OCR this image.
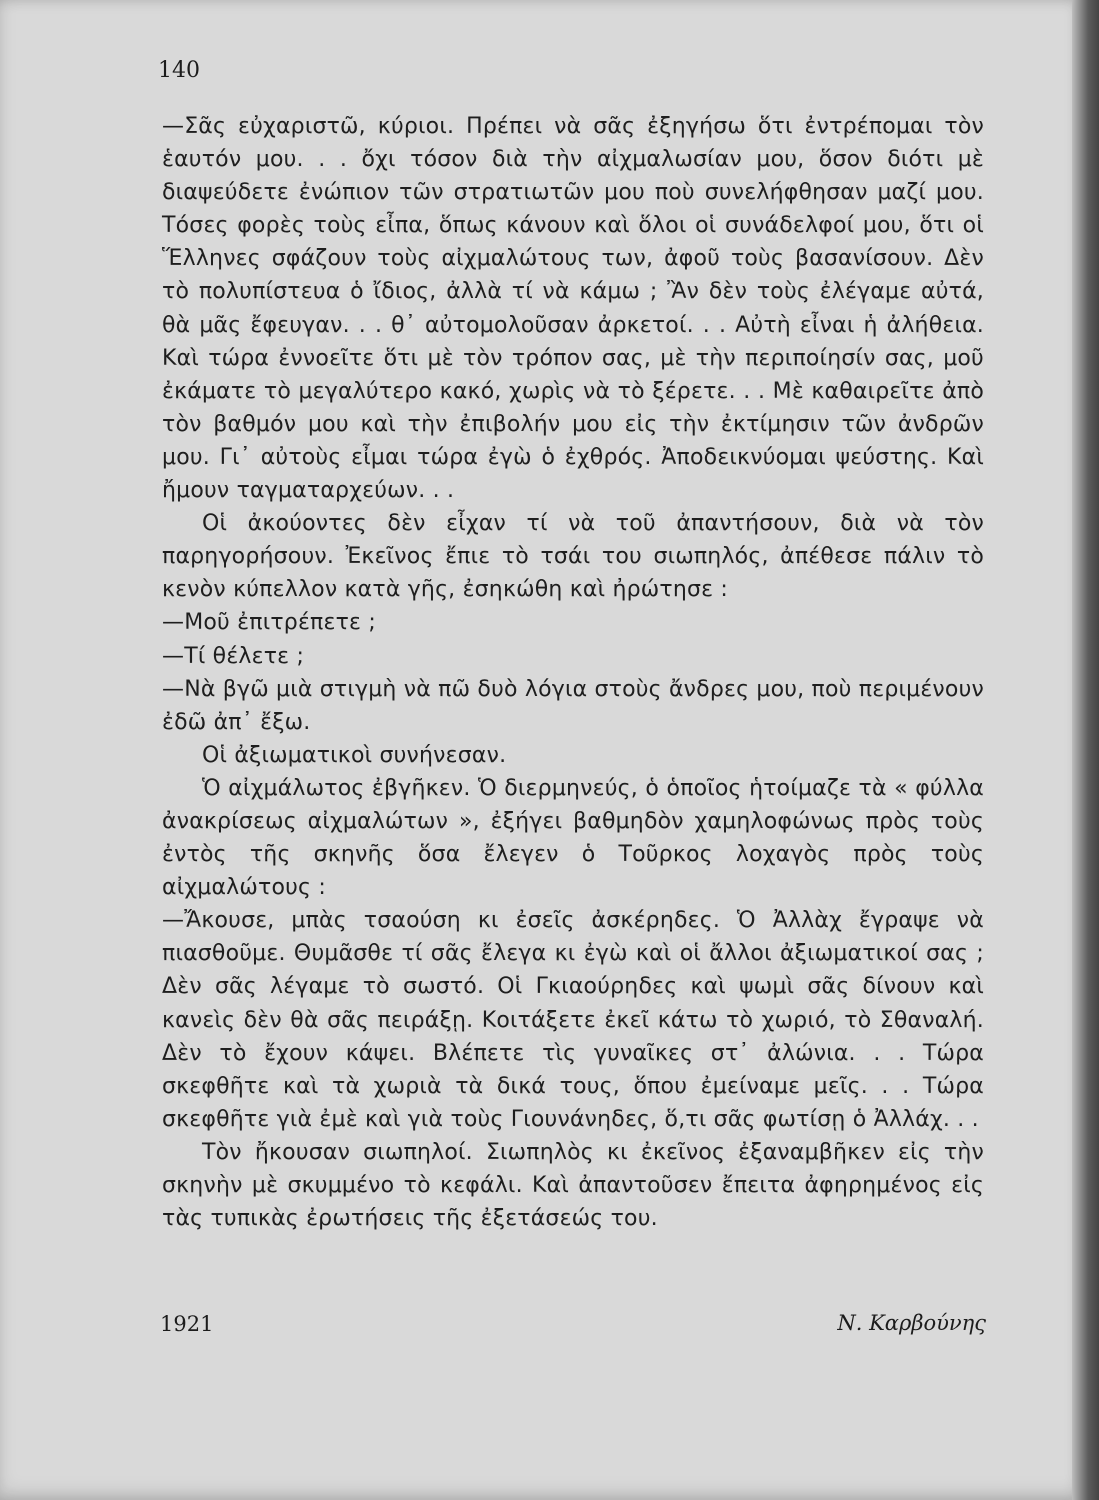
140

—Σᾶς εὐχαριστῶ, κύριοι. Πρέπει νὰ σᾶς ἐξηγήσω ὅτι ἐντρέπομαι τὸν ἑαυτόν μου. . . ὄχι τόσον διὰ τὴν αἰχμαλωσίαν μου, ὅσον διότι μὲ διαψεύδετε ἐνώπιον τῶν στρατιωτῶν μου ποὺ συνελήφθησαν μαζί μου. Τόσες φορὲς τοὺς εἶπα, ὅπως κάνουν καὶ ὅλοι οἱ συνάδελφοί μου, ὅτι οἱ Ἕλληνες σφάζουν τοὺς αἰχμαλώτους των, ἀφοῦ τοὺς βασανίσουν. Δὲν τὸ πολυπίστευα ὁ ἴδιος, ἀλλὰ τί νὰ κάμω ; Ἂν δὲν τοὺς ἐλέγαμε αὐτά, θὰ μᾶς ἔφευγαν. . . θ᾽ αὐτομολοῦσαν ἀρκετοί. . . Αὐτὴ εἶναι ἡ ἀλήθεια. Καὶ τώρα ἐννοεῖτε ὅτι μὲ τὸν τρόπον σας, μὲ τὴν περιποίησίν σας, μοῦ ἐκάματε τὸ μεγαλύτερο κακό, χωρὶς νὰ τὸ ξέρετε. . . Μὲ καθαιρεῖτε ἀπὸ τὸν βαθμόν μου καὶ τὴν ἐπιβολήν μου εἰς τὴν ἐκτίμησιν τῶν ἀνδρῶν μου. Γι᾽ αὐτοὺς εἶμαι τώρα ἐγὼ ὁ ἐχθρός. Ἀποδεικνύομαι ψεύστης. Καὶ ἤμουν ταγματαρχεύων. . .

Οἱ ἀκούοντες δὲν εἶχαν τί νὰ τοῦ ἀπαντήσουν, διὰ νὰ τὸν παρηγορήσουν. Ἐκεῖνος ἔπιε τὸ τσάι του σιωπηλός, ἀπέθεσε πάλιν τὸ κενὸν κύπελλον κατὰ γῆς, ἐσηκώθη καὶ ἠρώτησε :

—Μοῦ ἐπιτρέπετε ;

—Τί θέλετε ;

—Νὰ βγῶ μιὰ στιγμὴ νὰ πῶ δυὸ λόγια στοὺς ἄνδρες μου, ποὺ περιμένουν ἐδῶ ἀπ᾽ ἔξω.

Οἱ ἀξιωματικοὶ συνήνεσαν.

Ὁ αἰχμάλωτος ἐβγῆκεν. Ὁ διερμηνεύς, ὁ ὁποῖος ἡτοίμαζε τὰ « φύλλα ἀνακρίσεως αἰχμαλώτων », ἐξήγει βαθμηδὸν χαμηλοφώνως πρὸς τοὺς ἐντὸς τῆς σκηνῆς ὅσα ἔλεγεν ὁ Τοῦρκος λοχαγὸς πρὸς τοὺς αἰχμαλώτους :

—Ἄκουσε, μπὰς τσαούση κι ἐσεῖς ἀσκέρηδες. Ὁ Ἀλλὰχ ἔγραψε νὰ πιασθοῦμε. Θυμᾶσθε τί σᾶς ἔλεγα κι ἐγὼ καὶ οἱ ἄλλοι ἀξιωματικοί σας ; Δὲν σᾶς λέγαμε τὸ σωστό. Οἱ Γκιαούρηδες καὶ ψωμὶ σᾶς δίνουν καὶ κανεὶς δὲν θὰ σᾶς πειράξῃ. Κοιτάξετε ἐκεῖ κάτω τὸ χωριό, τὸ Σθαναλή. Δὲν τὸ ἔχουν κάψει. Βλέπετε τὶς γυναῖκες στ᾽ ἀλώνια. . . Τώρα σκεφθῆτε καὶ τὰ χωριὰ τὰ δικά τους, ὅπου ἐμείναμε μεῖς. . . Τώρα σκεφθῆτε γιὰ ἐμὲ καὶ γιὰ τοὺς Γιουνάνηδες, ὅ,τι σᾶς φωτίσῃ ὁ Ἀλλάχ. . .

Τὸν ἤκουσαν σιωπηλοί. Σιωπηλὸς κι ἐκεῖνος ἐξαναμβῆκεν εἰς τὴν σκηνὴν μὲ σκυμμένο τὸ κεφάλι. Καὶ ἀπαντοῦσεν ἔπειτα ἀφηρημένος εἰς τὰς τυπικὰς ἐρωτήσεις τῆς ἐξετάσεώς του.

1921	Ν. Καρβούνης
